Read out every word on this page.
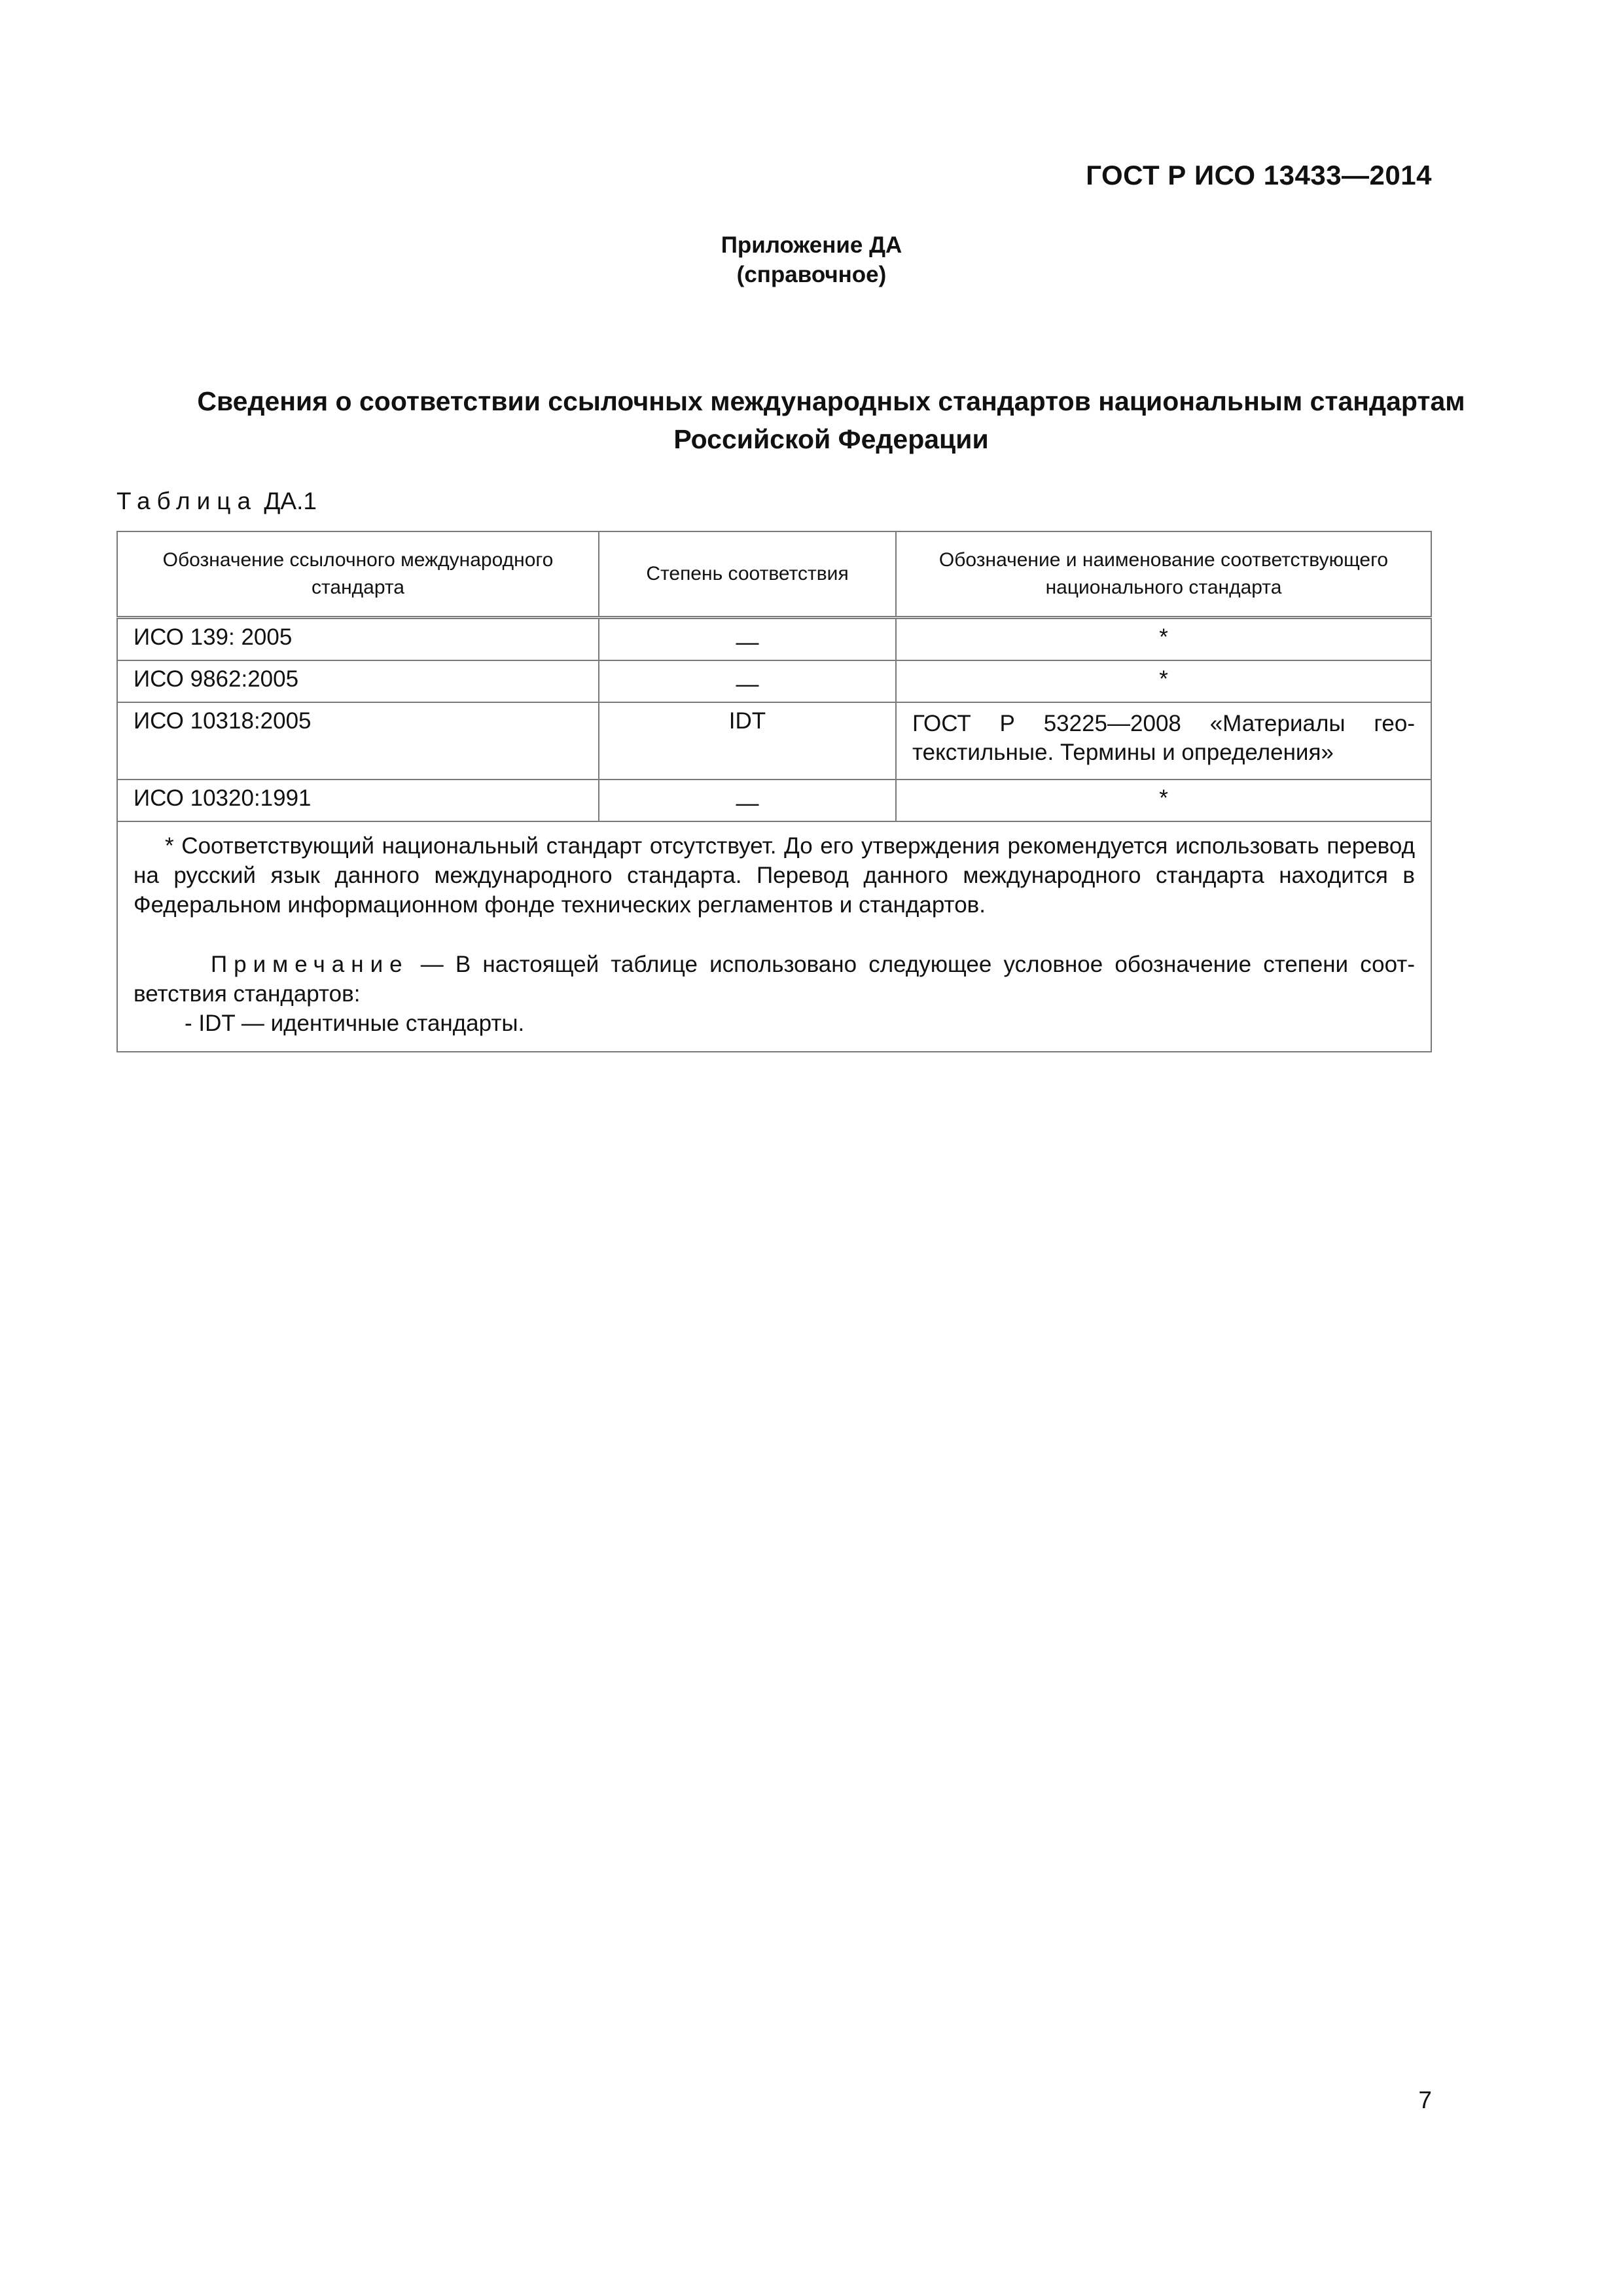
ГОСТ Р ИСО 13433—2014
Приложение ДА
(справочное)
Сведения о соответствии ссылочных международных стандартов национальным стандартам
Российской Федерации
Таблица ДА.1
Обозначение ссылочного международного стандарта	Степень соответствия	Обозначение и наименование соответствующего национального стандарта
ИСО 139: 2005	—	*
ИСО 9862:2005	—	*
ИСО 10318:2005	IDT	ГОСТ Р 53225—2008 «Материалы геотекстильные. Термины и определения»
ИСО 10320:1991	—	*

* Соответствующий национальный стандарт отсутствует. До его утверждения рекомендуется использовать перевод на русский язык данного международного стандарта. Перевод данного международного стандарта находится в Федеральном информационном фонде технических регламентов и стандартов.
Примечание — В настоящей таблице использовано следующее условное обозначение степени соответствия стандартов:
- IDT — идентичные стандарты.		
7
